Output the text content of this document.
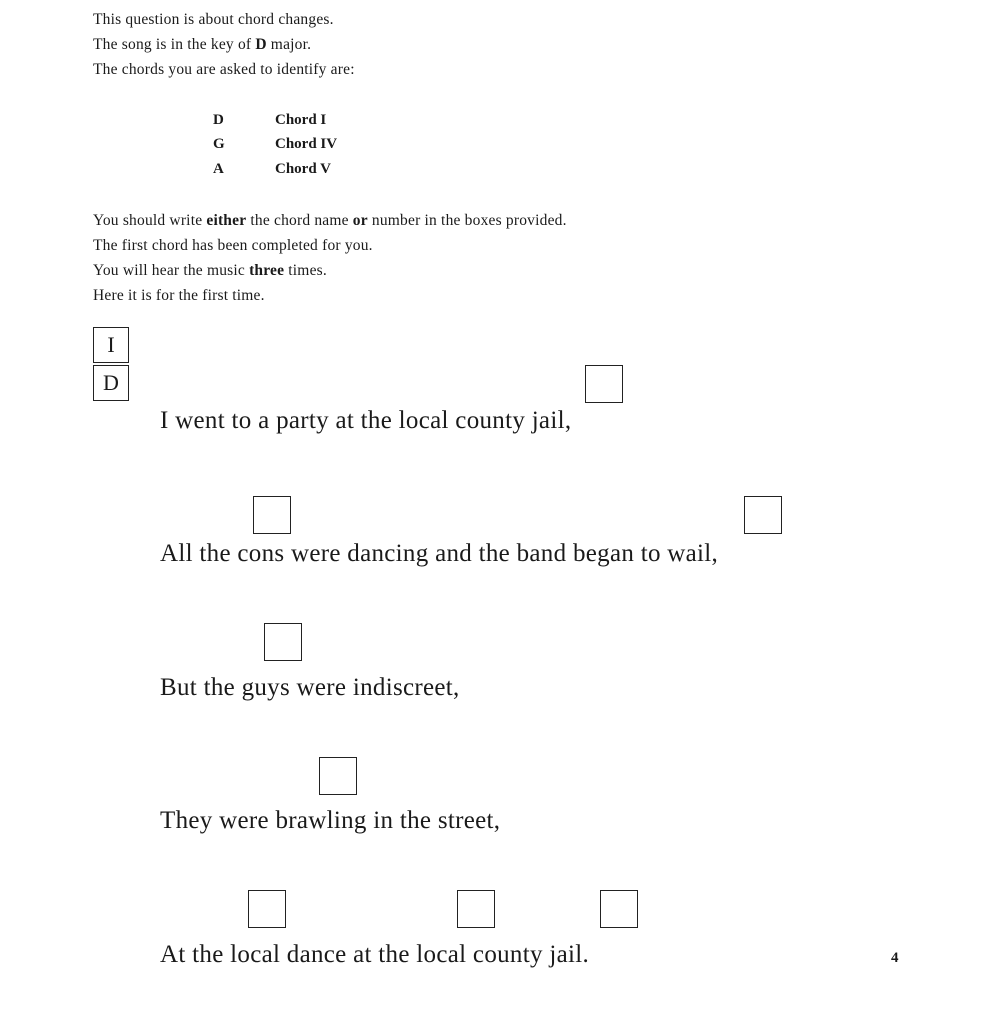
This question is about chord changes.
The song is in the key of D major.
The chords you are asked to identify are:
D	Chord I
G	Chord IV
A	Chord V
You should write either the chord name or number in the boxes provided.
The first chord has been completed for you.
You will hear the music three times.
Here it is for the first time.
I
D
I went to a party at the local county jail,
All the cons were dancing and the band began to wail,
But the guys were indiscreet,
They were brawling in the street,
At the local dance at the local county jail.	4
